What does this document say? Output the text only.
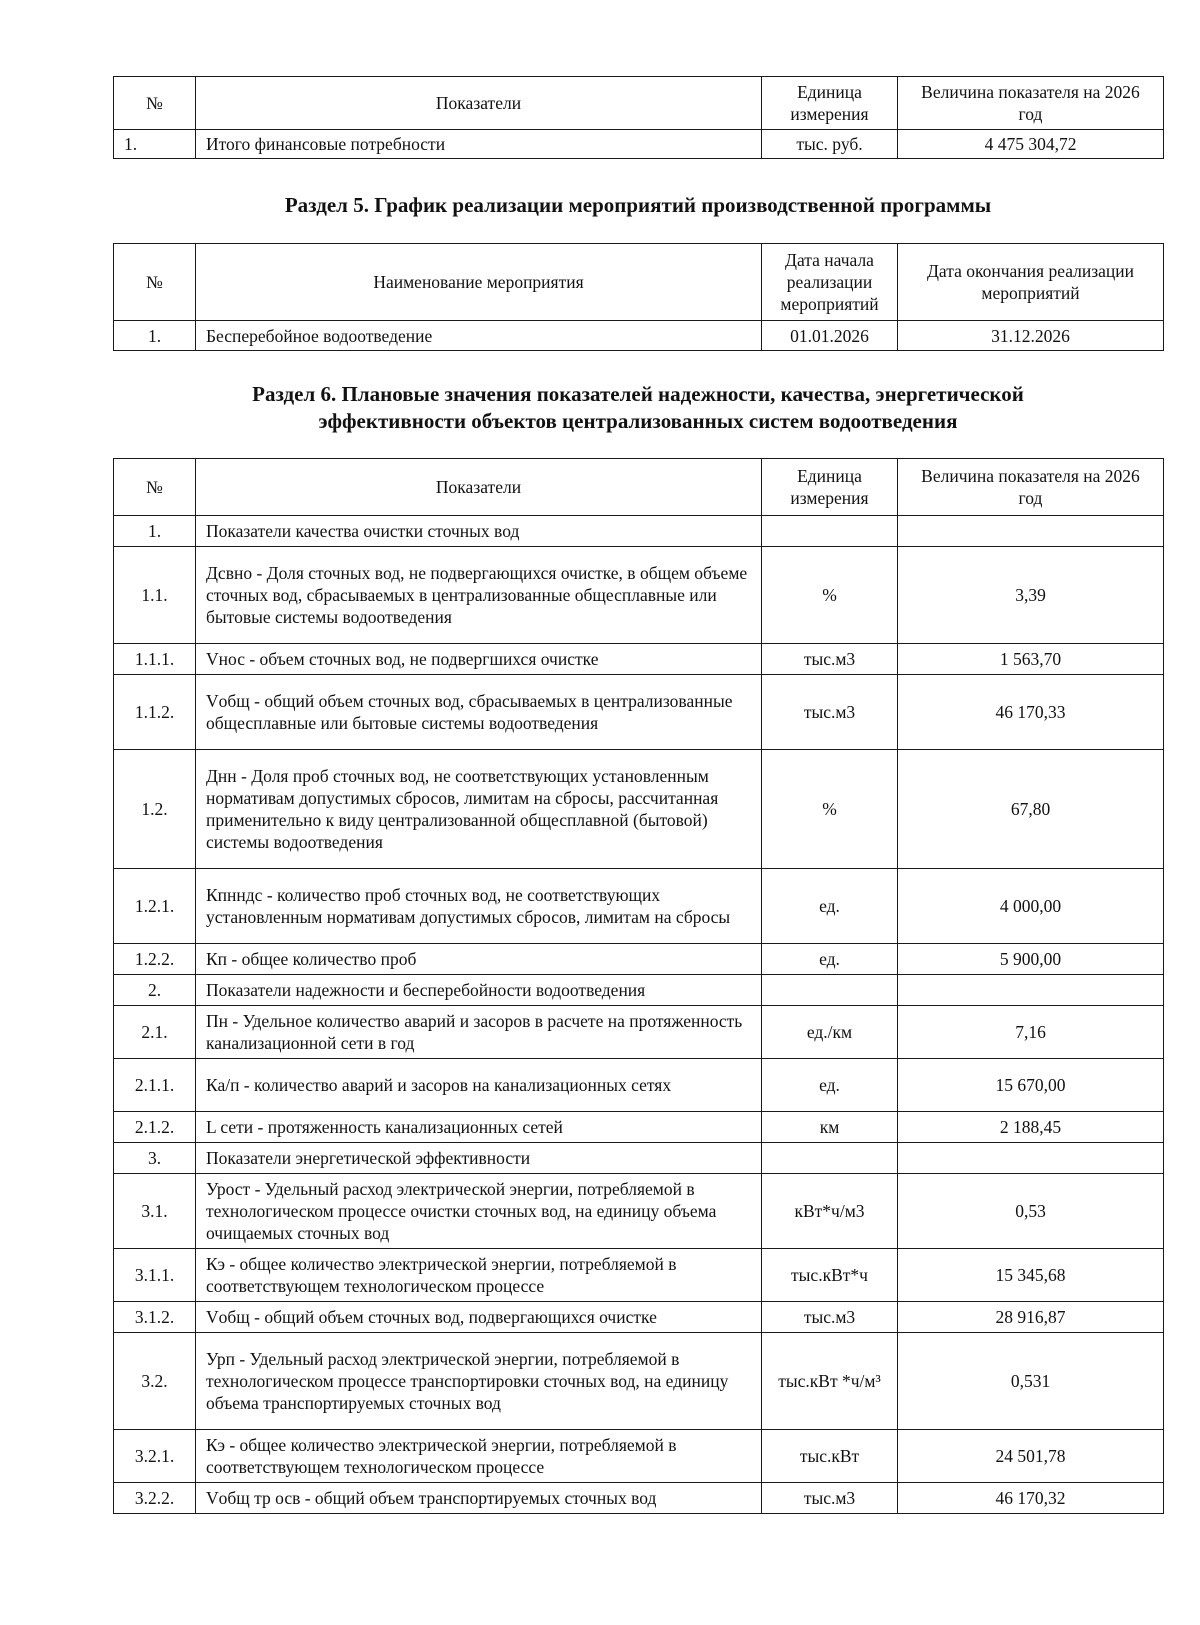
№	Показатели	Единица измерения	Величина показателя на 2026 год
1.	Итого финансовые потребности	тыс. руб.	4 475 304,72
Раздел 5. График реализации мероприятий производственной программы
№	Наименование мероприятия	Дата начала реализации мероприятий	Дата окончания реализации мероприятий
1.	Бесперебойное водоотведение	01.01.2026	31.12.2026
Раздел 6. Плановые значения показателей надежности, качества, энергетической
эффективности объектов централизованных систем водоотведения
№	Показатели	Единица измерения	Величина показателя на 2026 год
1.	Показатели качества очистки сточных вод		
1.1.	Дсвно - Доля сточных вод, не подвергающихся очистке, в общем объеме сточных вод, сбрасываемых в централизованные общесплавные или бытовые системы водоотведения	%	3,39
1.1.1.	Vнос - объем сточных вод, не подвергшихся очистке	тыс.м3	1 563,70
1.1.2.	Vобщ - общий объем сточных вод, сбрасываемых в централизованные общесплавные или бытовые системы водоотведения	тыс.м3	46 170,33
1.2.	Днн - Доля проб сточных вод, не соответствующих установленным нормативам допустимых сбросов, лимитам на сбросы, рассчитанная применительно к виду централизованной общесплавной (бытовой) системы водоотведения	%	67,80
1.2.1.	Кпнндс - количество проб сточных вод, не соответствующих установленным нормативам допустимых сбросов, лимитам на сбросы	ед.	4 000,00
1.2.2.	Кп - общее количество проб	ед.	5 900,00
2.	Показатели надежности и бесперебойности водоотведения		
2.1.	Пн - Удельное количество аварий и засоров в расчете на протяженность канализационной сети в год	ед./км	7,16
2.1.1.	Ка/п - количество аварий и засоров на канализационных сетях	ед.	15 670,00
2.1.2.	L сети - протяженность канализационных сетей	км	2 188,45
3.	Показатели энергетической эффективности		
3.1.	Урост - Удельный расход электрической энергии, потребляемой в технологическом процессе очистки сточных вод, на единицу объема очищаемых сточных вод	кВт*ч/м3	0,53
3.1.1.	Кэ - общее количество электрической энергии, потребляемой в соответствующем технологическом процессе	тыс.кВт*ч	15 345,68
3.1.2.	Vобщ - общий объем сточных вод, подвергающихся очистке	тыс.м3	28 916,87
3.2.	Урп - Удельный расход электрической энергии, потребляемой в технологическом процессе транспортировки сточных вод, на единицу объема транспортируемых сточных вод	тыс.кВт *ч/м³	0,531
3.2.1.	Кэ - общее количество электрической энергии, потребляемой в соответствующем технологическом процессе	тыс.кВт	24 501,78
3.2.2.	Vобщ тр осв - общий объем транспортируемых сточных вод	тыс.м3	46 170,32
